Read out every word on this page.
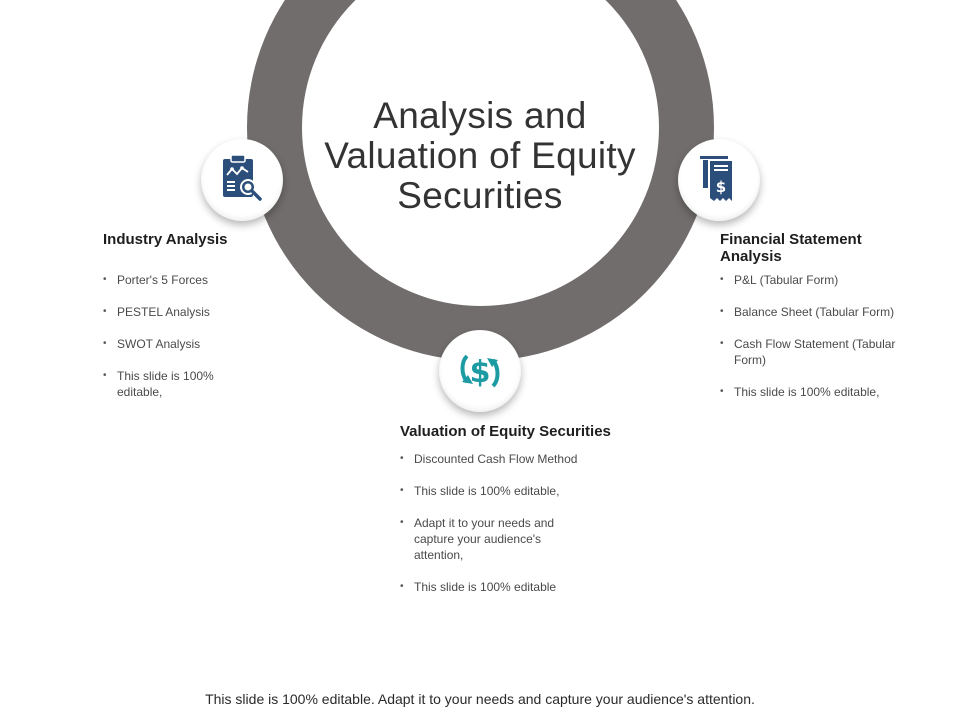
Analysis and Valuation of Equity Securities	$
$
Industry Analysis
• Porter's 5 Forces
• PESTEL Analysis
• SWOT Analysis
• This slide is 100% editable,
Financial Statement Analysis
• P&L (Tabular Form)
• Balance Sheet (Tabular Form)
• Cash Flow Statement (Tabular Form)
• This slide is 100% editable,
Valuation of Equity Securities
• Discounted Cash Flow Method
• This slide is 100% editable,
• Adapt it to your needs and capture your audience's attention,
• This slide is 100% editable
This slide is 100% editable. Adapt it to your needs and capture your audience's attention.
